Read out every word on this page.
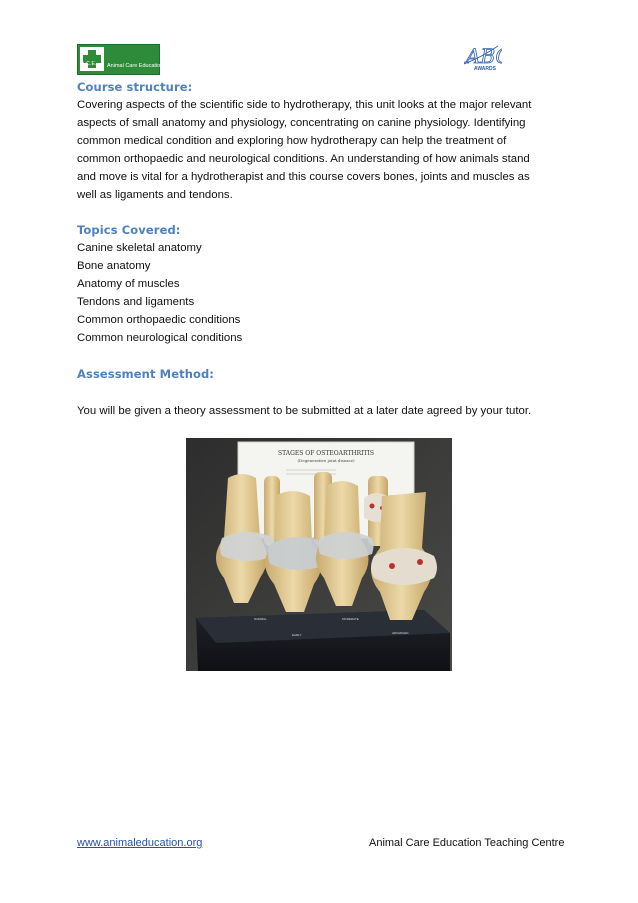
A.C.E. Animal Care Education	AB
AWARDS
Course structure:

Covering aspects of the scientific side to hydrotherapy, this unit looks at the major relevant

aspects of small anatomy and physiology, concentrating on canine physiology. Identifying

common medical condition and exploring how hydrotherapy can help the treatment of

common orthopaedic and neurological conditions. An understanding of how animals stand

and move is vital for a hydrotherapist and this course covers bones, joints and muscles as

well as ligaments and tendons.

Topics Covered:

Canine skeletal anatomy

Bone anatomy

Anatomy of muscles

Tendons and ligaments

Common orthopaedic conditions

Common neurological conditions

Assessment Method:

You will be given a theory assessment to be submitted at a later date agreed by your tutor.

STAGES OF OSTEOARTHRITIS
(Degenerative joint disease)
NORMAL
EARLY
MODERATE
ADVANCED
www.animaleducation.org	Animal Care Education Teaching Centre
